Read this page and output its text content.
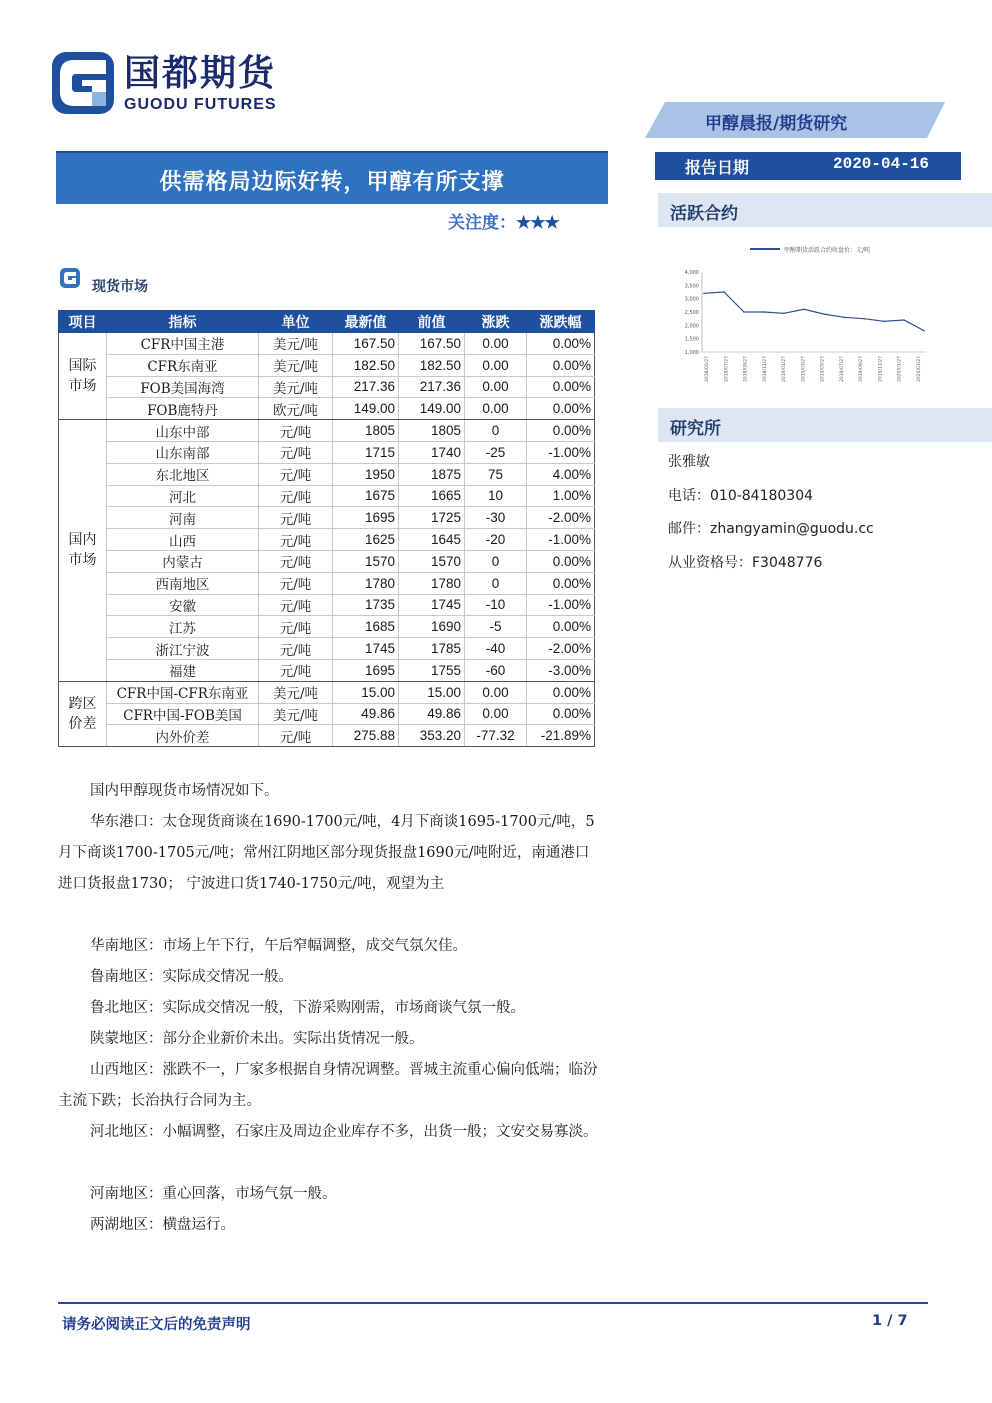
国都期货
GUODU FUTURES
甲醇晨报/期货研究
供需格局边际好转，甲醇有所支撑
关注度：★★★
报告日期	2020-04-16
活跃合约
甲醇期货活跃合约收盘价：元/吨
4,000
3,500
3,000
2,500
2,000
1,500
1,000
2018/05/27	2018/07/27	2018/09/27	2018/11/27	2019/01/27	2019/03/27	2019/05/27	2019/07/27	2019/09/27	2019/11/27	2020/01/27	2020/03/27
研究所
张雅敏
电话：010-84180304
邮件：zhangyamin@guodu.cc
从业资格号：F3048776
现货市场
项目	指标	单位	最新值	前值	涨跌	涨跌幅
国际
市场	CFR中国主港	美元/吨	167.50	167.50	0.00	0.00%
	CFR东南亚	美元/吨	182.50	182.50	0.00	0.00%
	FOB美国海湾	美元/吨	217.36	217.36	0.00	0.00%
	FOB鹿特丹	欧元/吨	149.00	149.00	0.00	0.00%
国内
市场	山东中部	元/吨	1805	1805	0	0.00%
	山东南部	元/吨	1715	1740	-25	-1.00%
	东北地区	元/吨	1950	1875	75	4.00%
	河北	元/吨	1675	1665	10	1.00%
	河南	元/吨	1695	1725	-30	-2.00%
	山西	元/吨	1625	1645	-20	-1.00%
	内蒙古	元/吨	1570	1570	0	0.00%
	西南地区	元/吨	1780	1780	0	0.00%
	安徽	元/吨	1735	1745	-10	-1.00%
	江苏	元/吨	1685	1690	-5	0.00%
	浙江宁波	元/吨	1745	1785	-40	-2.00%
	福建	元/吨	1695	1755	-60	-3.00%
跨区
价差	CFR中国-CFR东南亚	美元/吨	15.00	15.00	0.00	0.00%
	CFR中国-FOB美国	美元/吨	49.86	49.86	0.00	0.00%
	内外价差	元/吨	275.88	353.20	-77.32	-21.89%
国内甲醇现货市场情况如下。
华东港口：太仓现货商谈在1690-1700元/吨，4月下商谈1695-1700元/吨，5月下商谈1700-1705元/吨；常州江阴地区部分现货报盘1690元/吨附近，南通港口进口货报盘1730； 宁波进口货1740-1750元/吨，观望为主
华南地区：市场上午下行，午后窄幅调整，成交气氛欠佳。
鲁南地区：实际成交情况一般。
鲁北地区：实际成交情况一般，下游采购刚需，市场商谈气氛一般。
陕蒙地区：部分企业新价未出。实际出货情况一般。
山西地区：涨跌不一，厂家多根据自身情况调整。晋城主流重心偏向低端；临汾主流下跌；长治执行合同为主。
河北地区：小幅调整，石家庄及周边企业库存不多，出货一般；文安交易寡淡。
河南地区：重心回落，市场气氛一般。
两湖地区：横盘运行。
请务必阅读正文后的免责声明	1 / 7
